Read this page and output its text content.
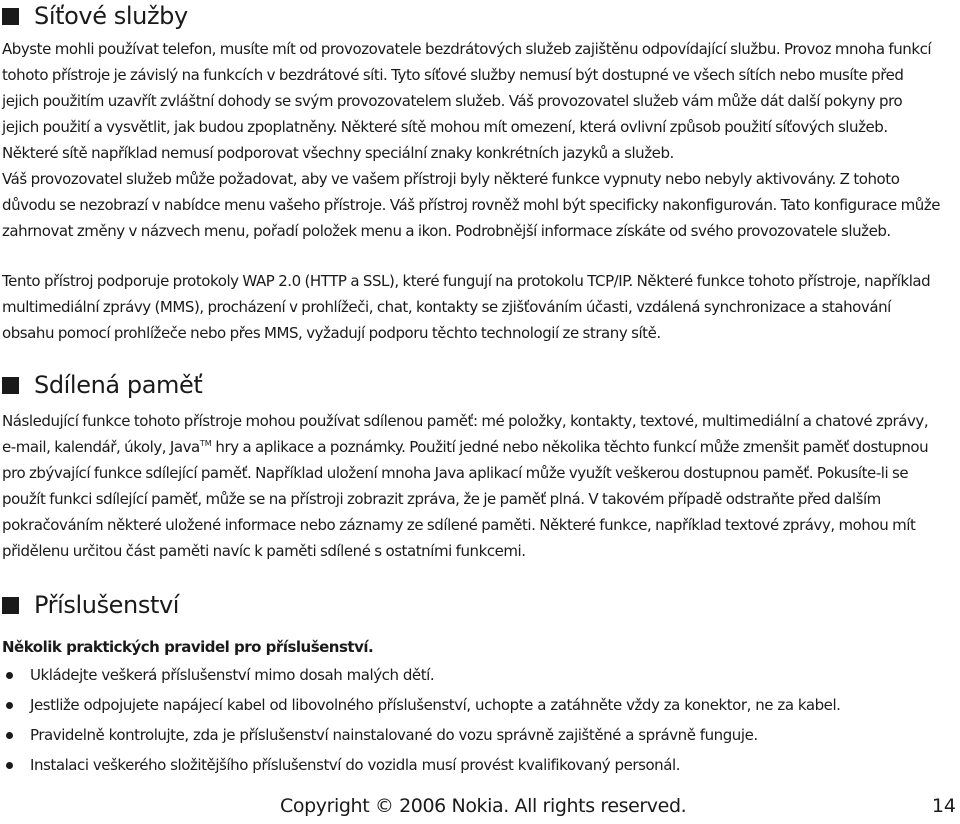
Síťové služby

Abyste mohli používat telefon, musíte mít od provozovatele bezdrátových služeb zajištěnu odpovídající službu. Provoz mnoha funkcí tohoto přístroje je závislý na funkcích v bezdrátové síti. Tyto síťové služby nemusí být dostupné ve všech sítích nebo musíte před jejich použitím uzavřít zvláštní dohody se svým provozovatelem služeb. Váš provozovatel služeb vám může dát další pokyny pro jejich použití a vysvětlit, jak budou zpoplatněny. Některé sítě mohou mít omezení, která ovlivní způsob použití síťových služeb. Některé sítě například nemusí podporovat všechny speciální znaky konkrétních jazyků a služeb.

Váš provozovatel služeb může požadovat, aby ve vašem přístroji byly některé funkce vypnuty nebo nebyly aktivovány. Z tohoto důvodu se nezobrazí v nabídce menu vašeho přístroje. Váš přístroj rovněž mohl být specificky nakonfigurován. Tato konfigurace může zahrnovat změny v názvech menu, pořadí položek menu a ikon. Podrobnější informace získáte od svého provozovatele služeb.

Tento přístroj podporuje protokoly WAP 2.0 (HTTP a SSL), které fungují na protokolu TCP/IP. Některé funkce tohoto přístroje, například multimediální zprávy (MMS), procházení v prohlížeči, chat, kontakty se zjišťováním účasti, vzdálená synchronizace a stahování obsahu pomocí prohlížeče nebo přes MMS, vyžadují podporu těchto technologií ze strany sítě.

Sdílená paměť

Následující funkce tohoto přístroje mohou používat sdílenou paměť: mé položky, kontakty, textové, multimediální a chatové zprávy, e-mail, kalendář, úkoly, Java™ hry a aplikace a poznámky. Použití jedné nebo několika těchto funkcí může zmenšit paměť dostupnou pro zbývající funkce sdílející paměť. Například uložení mnoha Java aplikací může využít veškerou dostupnou paměť. Pokusíte-li se použít funkci sdílející paměť, může se na přístroji zobrazit zpráva, že je paměť plná. V takovém případě odstraňte před dalším pokračováním některé uložené informace nebo záznamy ze sdílené paměti. Některé funkce, například textové zprávy, mohou mít přidělenu určitou část paměti navíc k paměti sdílené s ostatními funkcemi.

Příslušenství

Několik praktických pravidel pro příslušenství.

Ukládejte veškerá příslušenství mimo dosah malých dětí.
Jestliže odpojujete napájecí kabel od libovolného příslušenství, uchopte a zatáhněte vždy za konektor, ne za kabel.
Pravidelně kontrolujte, zda je příslušenství nainstalované do vozu správně zajištěné a správně funguje.
Instalaci veškerého složitějšího příslušenství do vozidla musí provést kvalifikovaný personál.
Copyright © 2006 Nokia. All rights reserved.	14
